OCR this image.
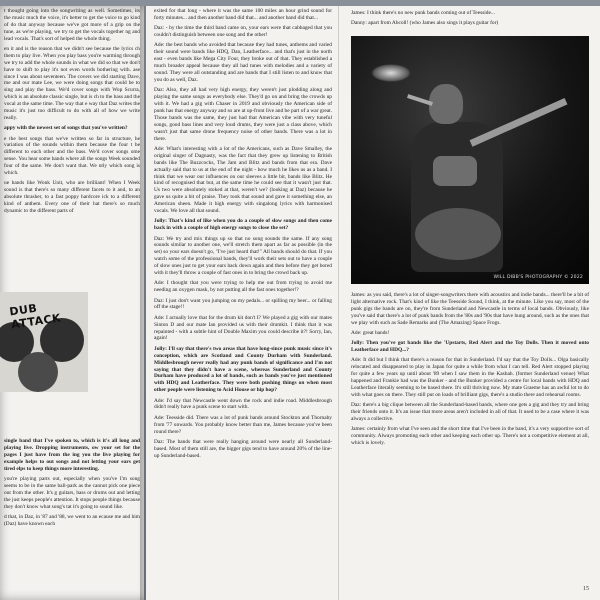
t thought going into the songwriting as well. Sometimes, its the music much the voice, it's better to get the voice to go kind of do that anyway because we've got more of a grip on the tune, as we're playing, we try to get the vocals together ng and lead vocals. That's sort of helped the whole thing.

en it and is the reason that we didn't see because the lyrics ch them to play live. When you play bass you're warming through we try to add the whole sounds in what we did so that we don't have to shift to play it's not even words bothering with. ase since I was about seventeen. The covers we did starting Dave, me and our mate Lee, we were doing songs that could be to sing and play the bass. We'd cover songs with Wop Scurra, which is an absolute classic single, but is ch to the bass and the vocal at the same time. The way that e way that Daz writes the music it's just too difficult to do with all of how we write really.

appy with the newest set of songs that you've written?

e the best songs that we've written so far in structure, he variation of the sounds within them because the four t be different to each other and the bass. We'd cover songs ome sense. You hear some bands where all the songs Week sounded four of the same. We don't want that. We ntly which song is which.

ue bands like Wonk Unit, who are brilliant! When I Week sound is that there's so many different facets to it and, to an absolute thrasher, to a fast poppy hardcore ick to a different kind of anthem. Every one of their hat there's so much dynamic to the different parts of

single band that I've spoken to, which is it's all long and playing live. Dropping instruments, ow your set for the pages I just have from the ing you the live playing for example helps to out songs and not letting your ears get tired elps to keep things more interesting.

you're playing parts out, especially when you've I'm song seems to be in the same ball-park as the cannot pick one piece out from the other. It's g guitars, bass or drums out and letting the just keeps people's attention. It stops people things because they don't know what song's tat it's going to sound like.

d that, in Daz, in '87 and '88, we went to an ecause me and him (Daz) have known each

DUB ATTACK

exited for that long - where it was the same 100 miles an hour grind sound for forty minutes... and then another band did that... and another band did that...

Daz: - by the time the third band came on, your ears were that cabbaged that you couldn't distinguish between one song and the other!

Ade: the best bands who avoided that because they had tunes, anthems and varied their sound were bands like HDQ, Dan, Leatherface... and that's just in the north east - even bands like Mega City Four, they broke out of that. They established a much broader appeal because they all had tunes with melodies and a variety of sound. They were all outstanding and are bands that I still listen to and know that you do as well, Daz.

Daz: Also, they all had very high energy, they weren't just plodding along and playing the same songs as everybody else. They'd go on and bring the crowds up with it. We had a gig with Chaser in 2019 and obviously the American side of punk has that energy anyway and so are at up-front live and be part of a war great. Those bands was the same, they just had that American vibe with very tuneful songs, good bass lines and very loud drums, they were just a class above, which wasn't just that same drone frequency noise of other bands. There was a lot in there.

Ade: What's interesting with a lot of the Americans, such as Dave Smalley, the original singer of Dagnasty, was the fact that they grew up listening to British bands like The Buzzcocks, The Jam and Blitz and bands from that era. Dave actually said that to us at the end of the night - how much he likes us as a band. I think that we wear our influences on our sleeves a little bit, bands like Blitz. He kind of recognised that but, at the same time he could see that it wasn't just that. Us two were absolutely stoked at that, weren't we? (looking at Daz) because he gave us quite a bit of praise. They took that sound and gave it something else, an American sheen. Made it high energy with singalong lyrics with harmonised vocals. We love all that sound.

Jolly: That's kind of like when you do a couple of slow songs and then come back in with a couple of high energy songs to close the set?

Daz: We try and mix things up so that no song sounds the same. If any song sounds similar to another one, we'll stretch them apart as far as possible (in the set) so your ears doesn't go, "I've just heard that!" All bands should do that. If you watch some of the professional bands, they'll work their sets out to have a couple of slow ones just to get your ears back down again and then before they get bored with it they'll throw a couple of fast ones in to bring the crowd back up.

Ade: I thought that you were trying to help me out from trying to avoid me needing an oxygen mask, by not putting all the fast ones together!?

Daz: I just don't want you jumping on my pedals... or spilling my beer... or falling off the stage!!

Ade: I actually love that for the drum kit don't I? We played a gig with our mates Sinton D and our mate Ian provided us with their drumkit. I think that it was repainted - with a subtle hint of Double Maxim you could describe it?! Sorry, Ian, again!

Jolly: I'll say that there's two areas that have long-since punk music since it's conception, which are Scotland and County Durham with Sunderland. Middlesbrough never really had any punk bands of significance and I'm not saying that they didn't have a scene, whereas Sunderland and County Durham have produced a lot of bands, such as bands you've just mentioned with HDQ and Leatherface. They were both pushing things on when most other people were listening to Acid House or hip hop?

Ade: I'd say that Newcastle went down the rock and indie road. Middlesbrough didn't really have a punk scene to start with.

Ade: Teesside did. There was a lot of punk bands around Stockton and Thornaby from '77 onwards. You probably know better than me, James because you've been round there?

Daz: The bands that were really hanging around were nearly all Sunderland-based. Most of them still are, the bigger gigs tend to have around 20% of the line-up Sunderland-based.

James: I think there's no new punk bands coming out of Teesside...

Danny: apart from Abcoll! (who James also sings it plays guitar for)

WILL DIBB'S PHOTOGRAPHY © 2022

James: as you said, there's a lot of singer-songwriters there with acoustics and indie bands... there'll be a bit of light alternative rock. That's kind of like the Teesside Sound, I think, at the minute. Like you say, most of the punk gigs the bands are on, they're from Sunderland and Newcastle in terms of local bands. Obviously, like you've said that there's a lot of punk bands from the '80s and '90s that have hung around, such as the ones that we play with such as Sade Remarks and (The Amazing) Space Frogs.

Ade: great bands!

Jolly: Then you've got bands like the 'Upstarts, Red Alert and the Toy Dolls. Then it moved onto Leatherface and HDQ...?

Ade: It did but I think that there's a reason for that in Sunderland. I'd say that the Toy Dolls... Olga basically relocated and disappeared to play in Japan for quite a while from what I can tell. Red Alert stopped playing for quite a few years up until about '89 when I saw them in the Kasbah. (former Sunderland venue) What happened and Frankie had was the Bunker - and the Bunker provided a centre for local bands with HDQ and Leatherface literally seeming to be based there. It's still thriving now. My mate Graeme has an awful lot to do with what goes on there. They still put on loads of brilliant gigs, there's a studio there and rehearsal rooms.

Daz: there's a big clique between all the Sunderland-based bands, where one gets a gig and they try and bring their friends onto it. It's an issue that more areas aren't included in all of that. It used to be a case where it was always a collective.

James: certainly from what I've seen and the short time that I've been in the band, it's a very supportive sort of community. Always promoting each other and keeping each other up. There's not a competitive element at all, which is lovely.

15
